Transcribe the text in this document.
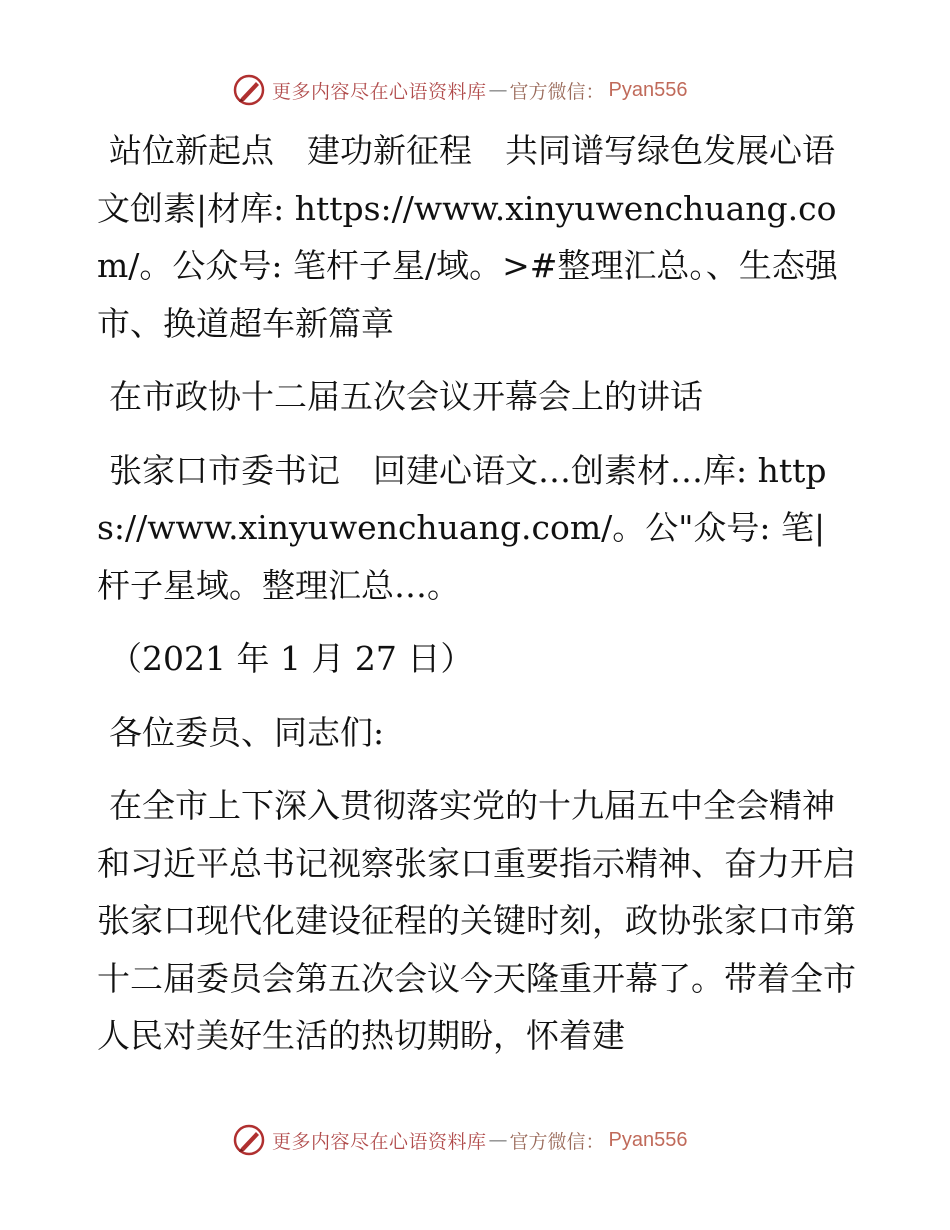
更多内容尽在心语资料库 — 官方微信： Pyan556

站位新起点　建功新征程　共同谱写绿色发展心语文创素|材库: https://www.xinyuwenchuang.com/。公众号: 笔杆子星/域。>#整理汇总。、生态强市、换道超车新篇章

在市政协十二届五次会议开幕会上的讲话

张家口市委书记　回建心语文…创素材…库: https://www.xinyuwenchuang.com/。公"众号: 笔|杆子星域。整理汇总…。

（2021 年 1 月 27 日）

各位委员、同志们:

在全市上下深入贯彻落实党的十九届五中全会精神和习近平总书记视察张家口重要指示精神、奋力开启张家口现代化建设征程的关键时刻，政协张家口市第十二届委员会第五次会议今天隆重开幕了。带着全市人民对美好生活的热切期盼，怀着建

更多内容尽在心语资料库 — 官方微信： Pyan556
